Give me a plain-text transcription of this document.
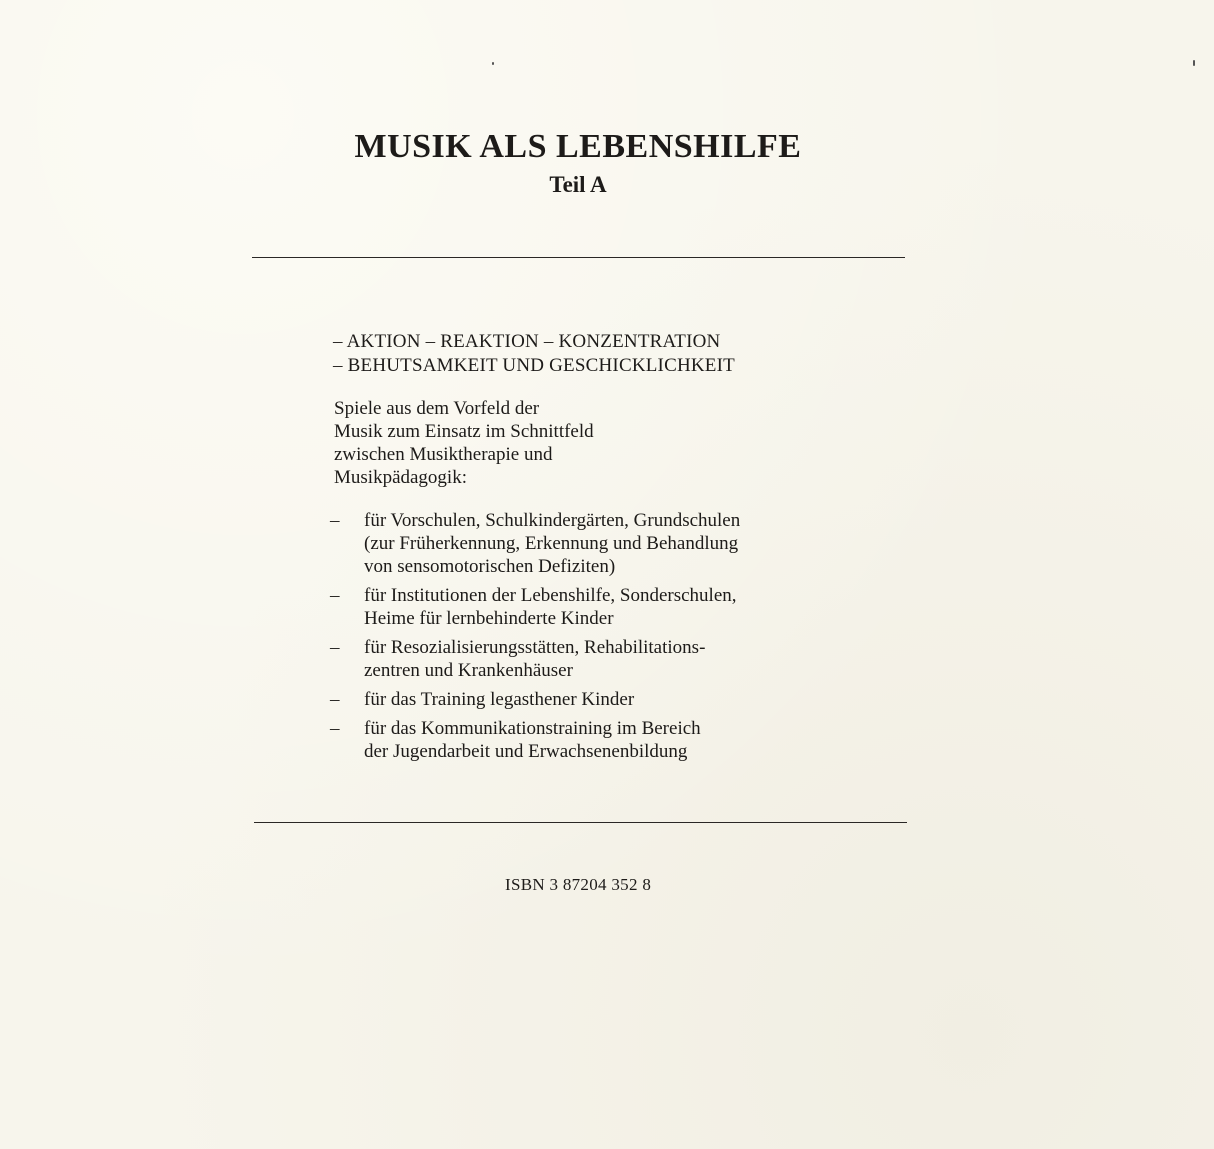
MUSIK ALS LEBENSHILFE
Teil A
– AKTION – REAKTION – KONZENTRATION
– BEHUTSAMKEIT UND GESCHICKLICHKEIT
Spiele aus dem Vorfeld der
Musik zum Einsatz im Schnittfeld
zwischen Musiktherapie und
Musikpädagogik:
– für Vorschulen, Schulkindergärten, Grundschulen
(zur Früherkennung, Erkennung und Behandlung
von sensomotorischen Defiziten)
– für Institutionen der Lebenshilfe, Sonderschulen,
Heime für lernbehinderte Kinder
– für Resozialisierungsstätten, Rehabilitations-
zentren und Krankenhäuser
– für das Training legasthener Kinder
– für das Kommunikationstraining im Bereich
der Jugendarbeit und Erwachsenenbildung
ISBN 3 87204 352 8
